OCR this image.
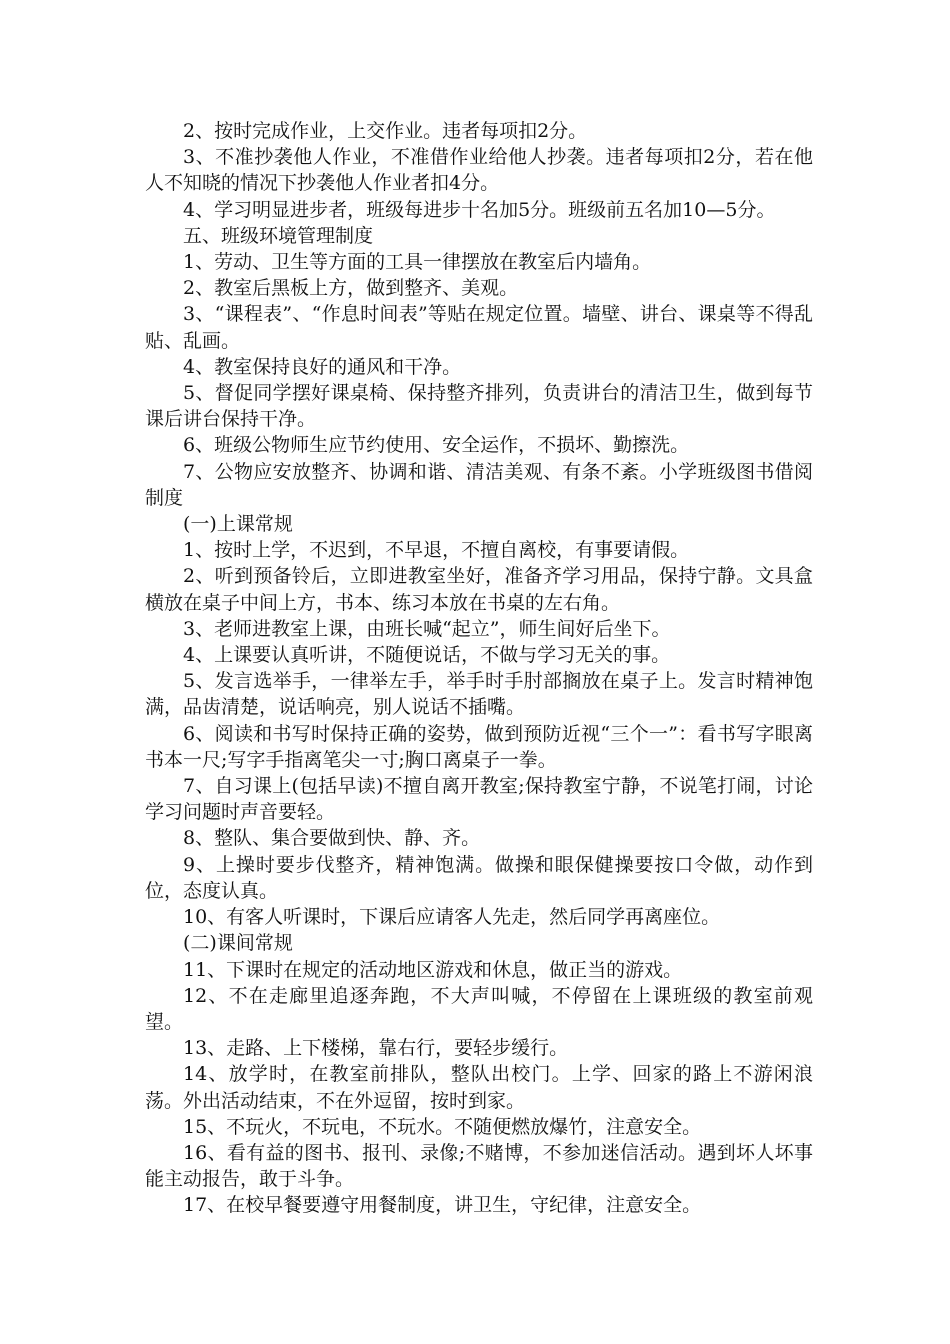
2、按时完成作业，上交作业。违者每项扣2分。

3、不准抄袭他人作业，不准借作业给他人抄袭。违者每项扣2分，若在他人不知晓的情况下抄袭他人作业者扣4分。

4、学习明显进步者，班级每进步十名加5分。班级前五名加10—5分。

五、班级环境管理制度

1、劳动、卫生等方面的工具一律摆放在教室后内墙角。

2、教室后黑板上方，做到整齐、美观。

3、“课程表”、“作息时间表”等贴在规定位置。墙壁、讲台、课桌等不得乱贴、乱画。

4、教室保持良好的通风和干净。

5、督促同学摆好课桌椅、保持整齐排列，负责讲台的清洁卫生，做到每节课后讲台保持干净。

6、班级公物师生应节约使用、安全运作，不损坏、勤擦洗。

7、公物应安放整齐、协调和谐、清洁美观、有条不紊。小学班级图书借阅制度

(一)上课常规

1、按时上学，不迟到，不早退，不擅自离校，有事要请假。

2、听到预备铃后，立即进教室坐好，准备齐学习用品，保持宁静。文具盒横放在桌子中间上方，书本、练习本放在书桌的左右角。

3、老师进教室上课，由班长喊“起立”，师生间好后坐下。

4、上课要认真听讲，不随便说话，不做与学习无关的事。

5、发言选举手，一律举左手，举手时手肘部搁放在桌子上。发言时精神饱满，品齿清楚，说话响亮，别人说话不插嘴。

6、阅读和书写时保持正确的姿势，做到预防近视“三个一”：看书写字眼离书本一尺;写字手指离笔尖一寸;胸口离桌子一拳。

7、自习课上(包括早读)不擅自离开教室;保持教室宁静，不说笔打闹，讨论学习问题时声音要轻。

8、整队、集合要做到快、静、齐。

9、上操时要步伐整齐，精神饱满。做操和眼保健操要按口令做，动作到位，态度认真。

10、有客人听课时，下课后应请客人先走，然后同学再离座位。

(二)课间常规

11、下课时在规定的活动地区游戏和休息，做正当的游戏。

12、不在走廊里追逐奔跑，不大声叫喊，不停留在上课班级的教室前观望。

13、走路、上下楼梯，靠右行，要轻步缓行。

14、放学时，在教室前排队，整队出校门。上学、回家的路上不游闲浪荡。外出活动结束，不在外逗留，按时到家。

15、不玩火，不玩电，不玩水。不随便燃放爆竹，注意安全。

16、看有益的图书、报刊、录像;不赌博，不参加迷信活动。遇到坏人坏事能主动报告，敢于斗争。

17、在校早餐要遵守用餐制度，讲卫生，守纪律，注意安全。
